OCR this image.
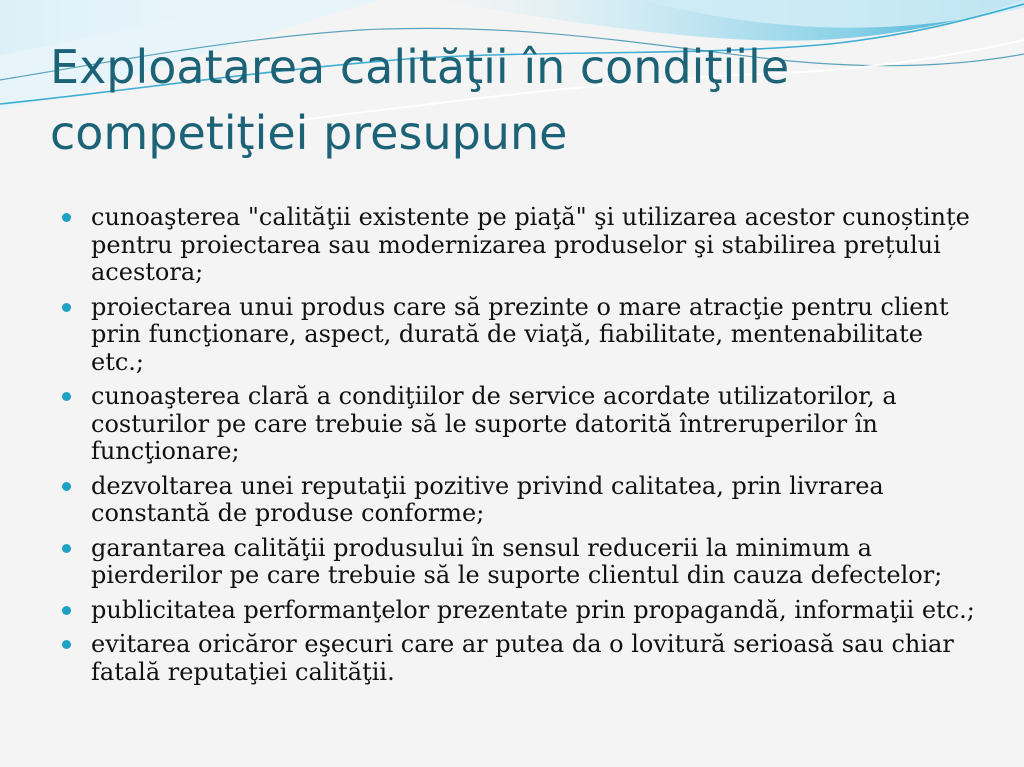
Exploatarea calităţii în condiţiile
competiţiei presupune
cunoaşterea "calităţii existente pe piaţă" şi utilizarea acestor cunoștințe pentru proiectarea sau modernizarea produselor şi stabilirea prețului acestora;
proiectarea unui produs care să prezinte o mare atracţie pentru client prin funcţionare, aspect, durată de viaţă, fiabilitate, mentenabilitate etc.;
cunoaşterea clară a condiţiilor de service acordate utilizatorilor, a costurilor pe care trebuie să le suporte datorită întreruperilor în funcţionare;
dezvoltarea unei reputaţii pozitive privind calitatea, prin livrarea constantă de produse conforme;
garantarea calităţii produsului în sensul reducerii la minimum a pierderilor pe care trebuie să le suporte clientul din cauza defectelor;
publicitatea performanţelor prezentate prin propagandă, informaţii etc.;
evitarea oricăror eşecuri care ar putea da o lovitură serioasă sau chiar fatală reputaţiei calităţii.
